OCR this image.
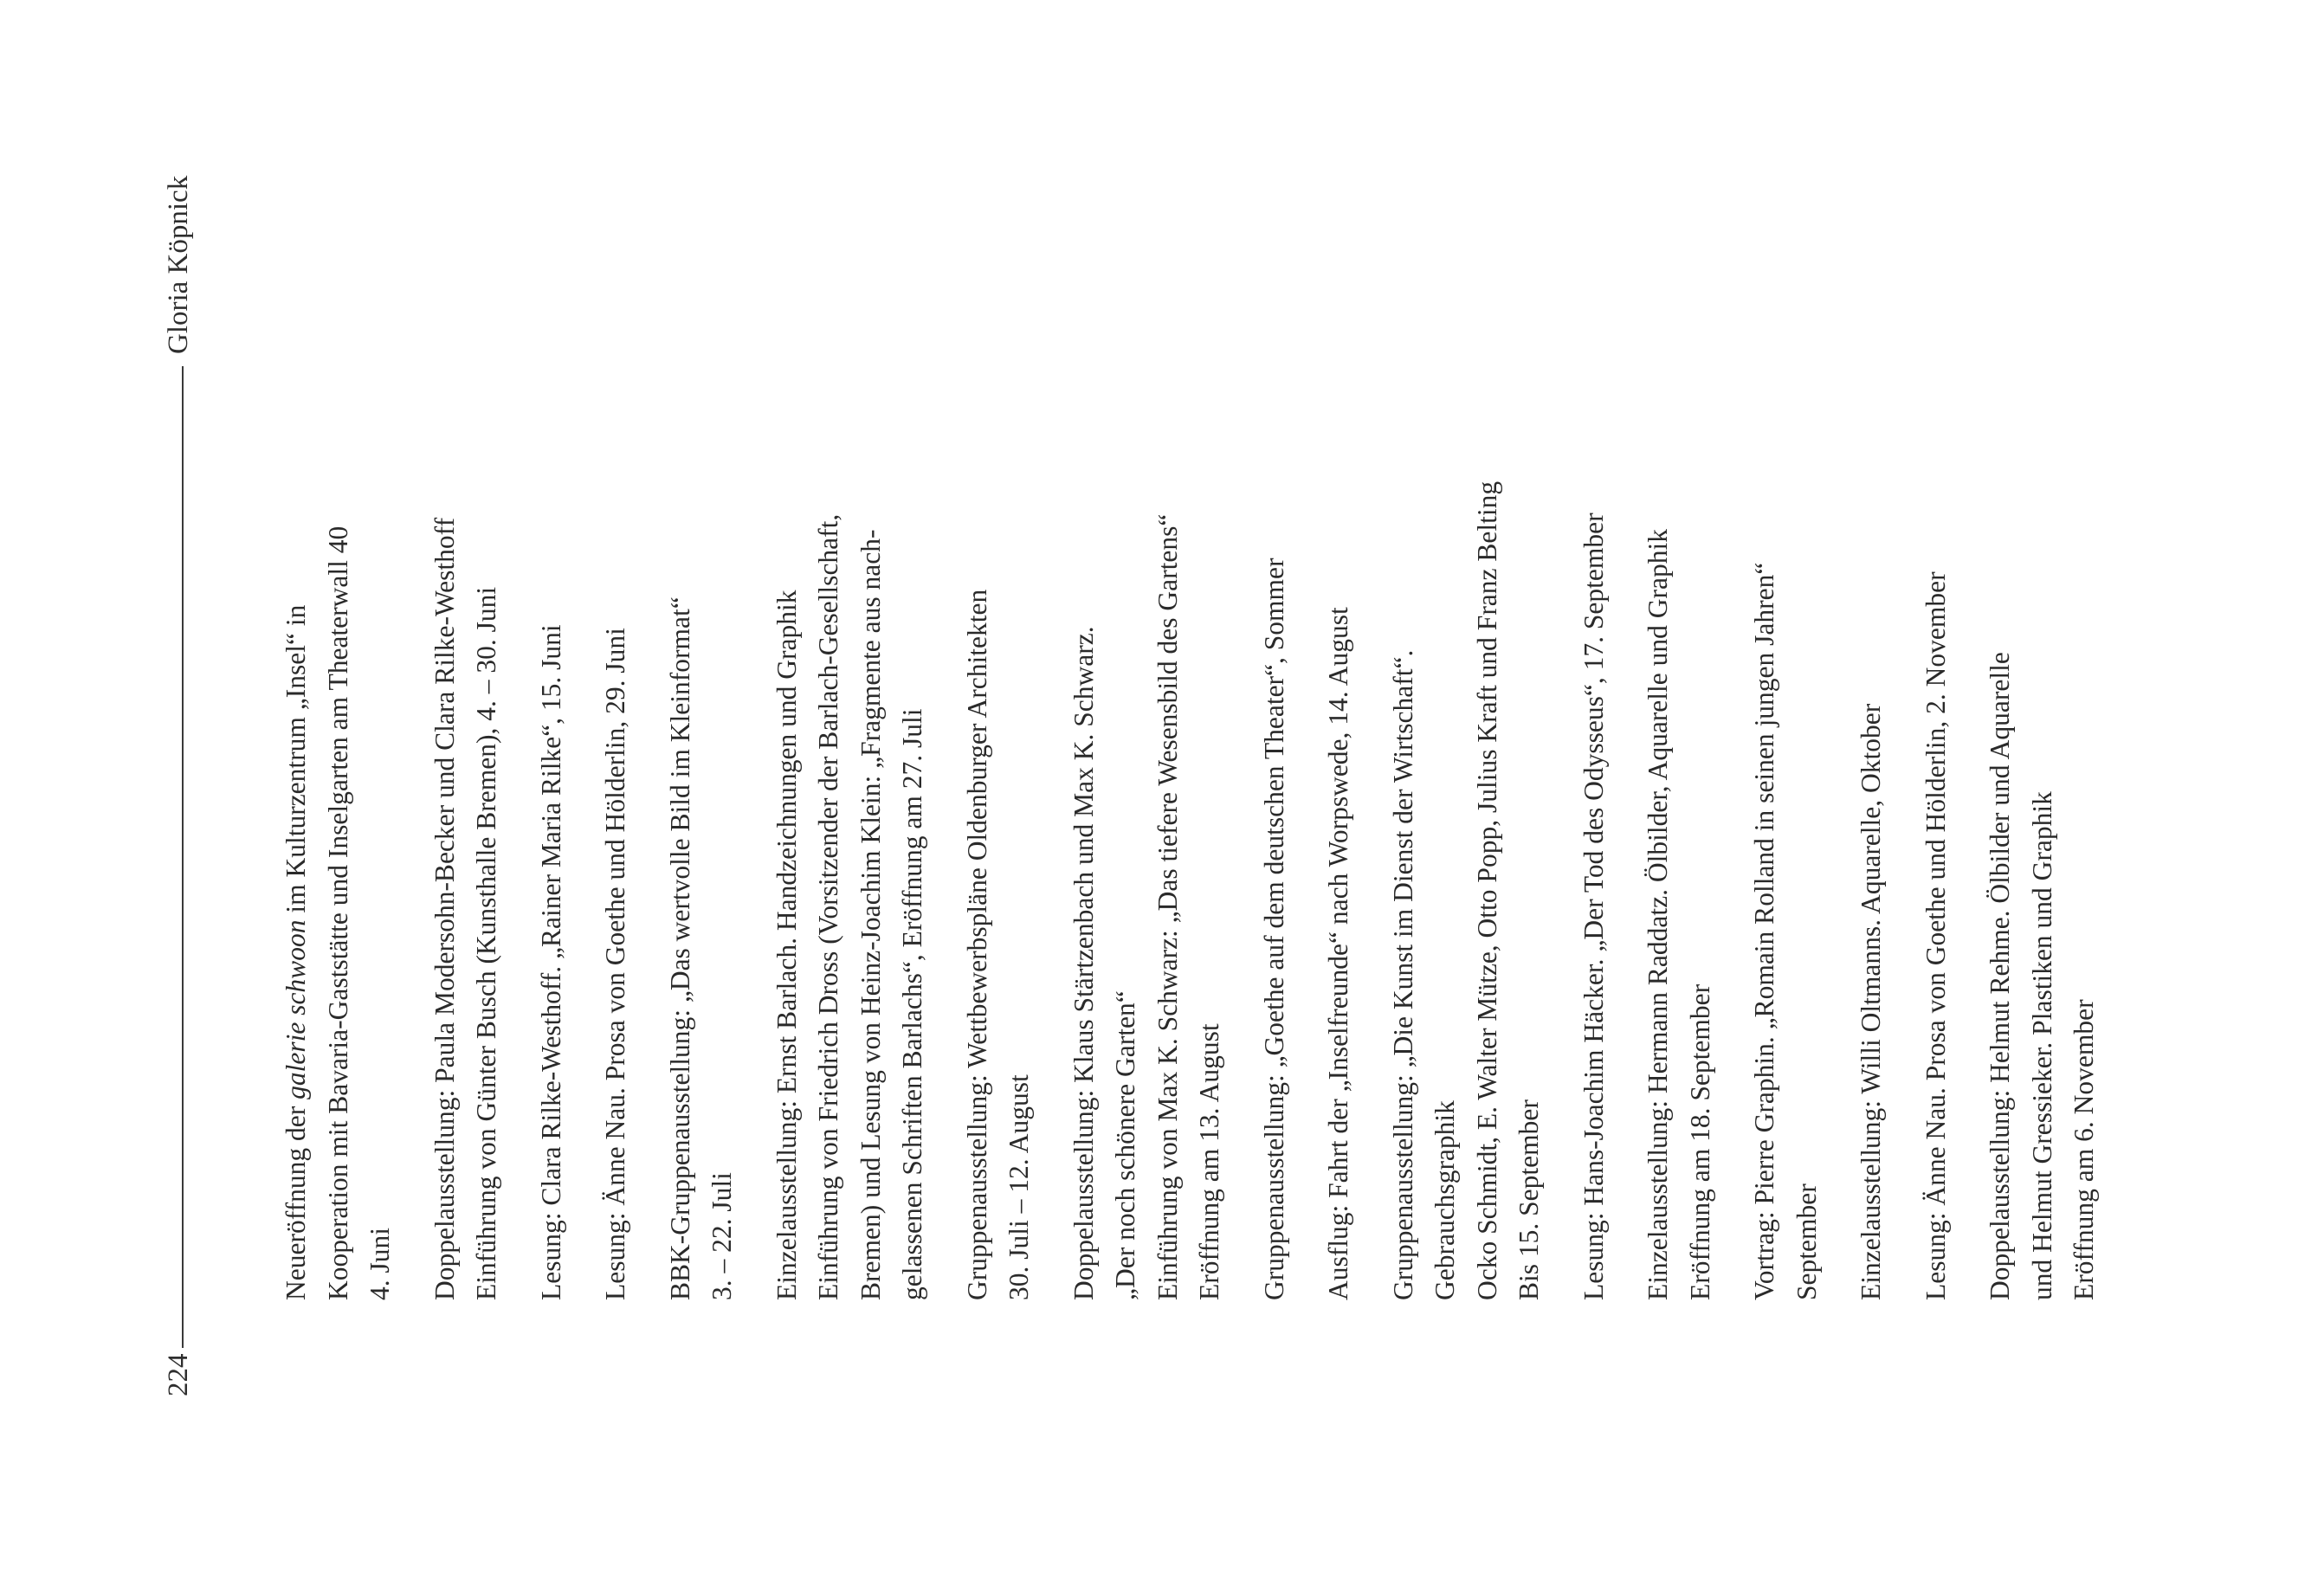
224
Gloria Köpnick
Neueröffnung der galerie schwoon im Kulturzentrum „Insel“ in Kooperation mit Bavaria-Gaststätte und Inselgarten am Theaterwall 40 4. Juni Doppelausstellung: Paula Modersohn-Becker und Clara Rilke-Westhoff Einführung von Günter Busch (Kunsthalle Bremen), 4. – 30. Juni Lesung: Clara Rilke-Westhoff. „Rainer Maria Rilke“, 15. Juni Lesung: Änne Nau. Prosa von Goethe und Hölderlin, 29. Juni BBK-Gruppenausstellung: „Das wertvolle Bild im Kleinformat“ 3. – 22. Juli Einzelausstellung: Ernst Barlach. Handzeichnungen und Graphik Einführung von Friedrich Dross (Vorsitzender der Barlach-Gesellschaft, Bremen) und Lesung von Heinz-Joachim Klein: „Fragmente aus nach- gelassenen Schriften Barlachs“, Eröffnung am 27. Juli Gruppenausstellung: Wettbewerbspläne Oldenburger Architekten 30. Juli – 12. August Doppelausstellung: Klaus Stärtzenbach und Max K. Schwarz. „Der noch schönere Garten“ Einführung von Max K. Schwarz: „Das tiefere Wesensbild des Gartens“ Eröffnung am 13. August Gruppenausstellung: „Goethe auf dem deutschen Theater“, Sommer Ausflug: Fahrt der „Inselfreunde“ nach Worpswede, 14. August Gruppenausstellung: „Die Kunst im Dienst der Wirtschaft“. Gebrauchsgraphik Ocko Schmidt, E. Walter Mütze, Otto Popp, Julius Kraft und Franz Belting Bis 15. September Lesung: Hans-Joachim Häcker. „Der Tod des Odysseus“, 17. September Einzelausstellung: Hermann Raddatz. Ölbilder, Aquarelle und Graphik Eröffnung am 18. September Vortrag: Pierre Graphin. „Romain Rolland in seinen jungen Jahren“ September Einzelausstellung: Willi Oltmanns. Aquarelle, Oktober Lesung: Änne Nau. Prosa von Goethe und Hölderlin, 2. November Doppelausstellung: Helmut Rehme. Ölbilder und Aquarelle und Helmut Gressieker. Plastiken und Graphik Eröffnung am 6. November
